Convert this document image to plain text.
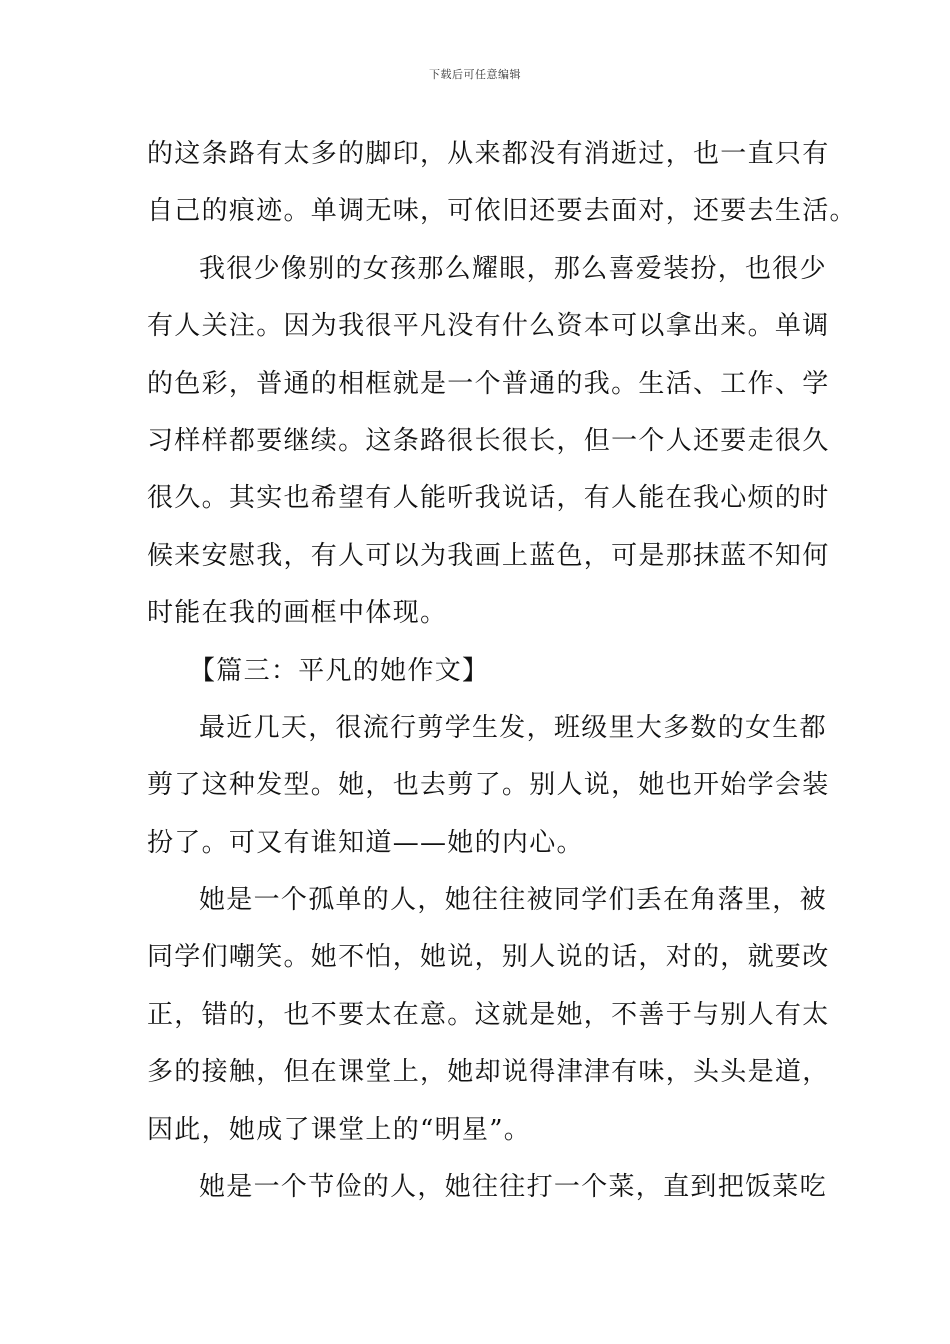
下载后可任意编辑
的这条路有太多的脚印，从来都没有消逝过，也一直只有
自己的痕迹。单调无味，可依旧还要去面对，还要去生活。
我很少像别的女孩那么耀眼，那么喜爱装扮，也很少
有人关注。因为我很平凡没有什么资本可以拿出来。单调
的色彩，普通的相框就是一个普通的我。生活、工作、学
习样样都要继续。这条路很长很长，但一个人还要走很久
很久。其实也希望有人能听我说话，有人能在我心烦的时
候来安慰我，有人可以为我画上蓝色，可是那抹蓝不知何
时能在我的画框中体现。
【篇三：平凡的她作文】
最近几天，很流行剪学生发，班级里大多数的女生都
剪了这种发型。她，也去剪了。别人说，她也开始学会装
扮了。可又有谁知道——她的内心。
她是一个孤单的人，她往往被同学们丢在角落里，被
同学们嘲笑。她不怕，她说，别人说的话，对的，就要改
正，错的，也不要太在意。这就是她，不善于与别人有太
多的接触，但在课堂上，她却说得津津有味，头头是道，
因此，她成了课堂上的“明星”。
她是一个节俭的人，她往往打一个菜，直到把饭菜吃
